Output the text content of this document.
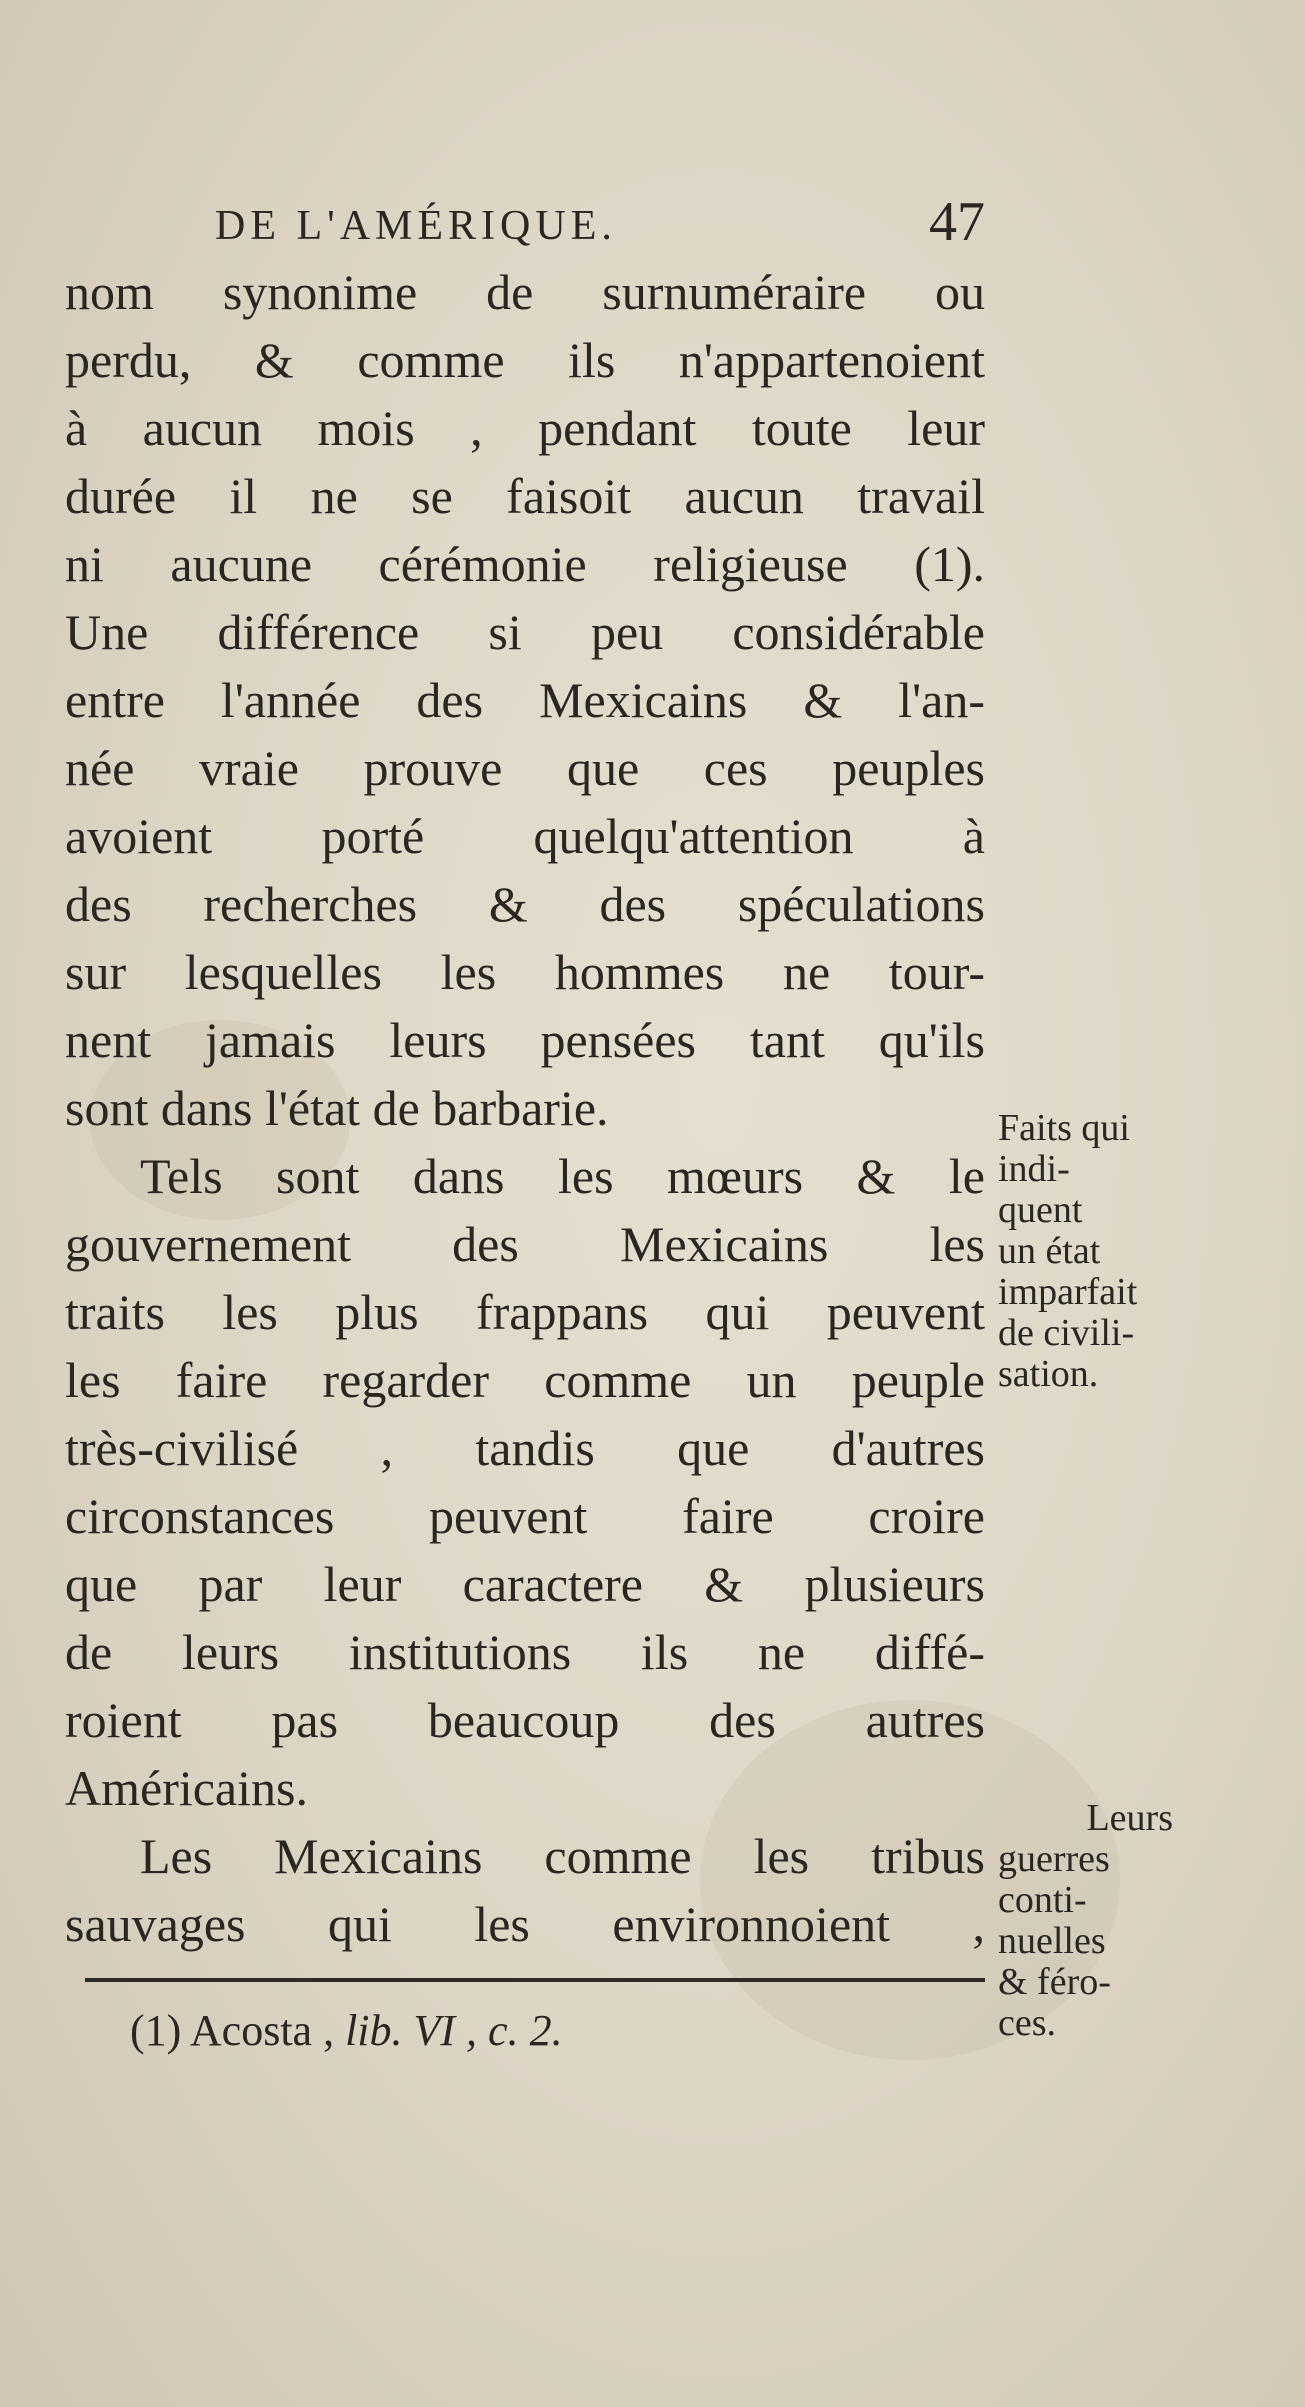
DE L'AMÉRIQUE.	47
nom synonime de surnuméraire ou
perdu, & comme ils n'appartenoient
à aucun mois , pendant toute leur
durée il ne se faisoit aucun travail
ni aucune cérémonie religieuse (1).
Une différence si peu considérable
entre l'année des Mexicains & l'an-
née vraie prouve que ces peuples
avoient porté quelqu'attention à
des recherches & des spéculations
sur lesquelles les hommes ne tour-
nent jamais leurs pensées tant qu'ils
sont dans l'état de barbarie.
Tels sont dans les mœurs & le
gouvernement des Mexicains les
traits les plus frappans qui peuvent
les faire regarder comme un peuple
très-civilisé , tandis que d'autres
circonstances peuvent faire croire
que par leur caractere & plusieurs
de leurs institutions ils ne diffé-
roient pas beaucoup des autres
Américains.
Les Mexicains comme les tribus
sauvages qui les environnoient ,
Faits qui
indi-
quent
un état
imparfait
de civili-
sation.
Leurs
guerres
conti-
nuelles
& féro-
ces.
(1) Acosta , lib. VI , c. 2.
